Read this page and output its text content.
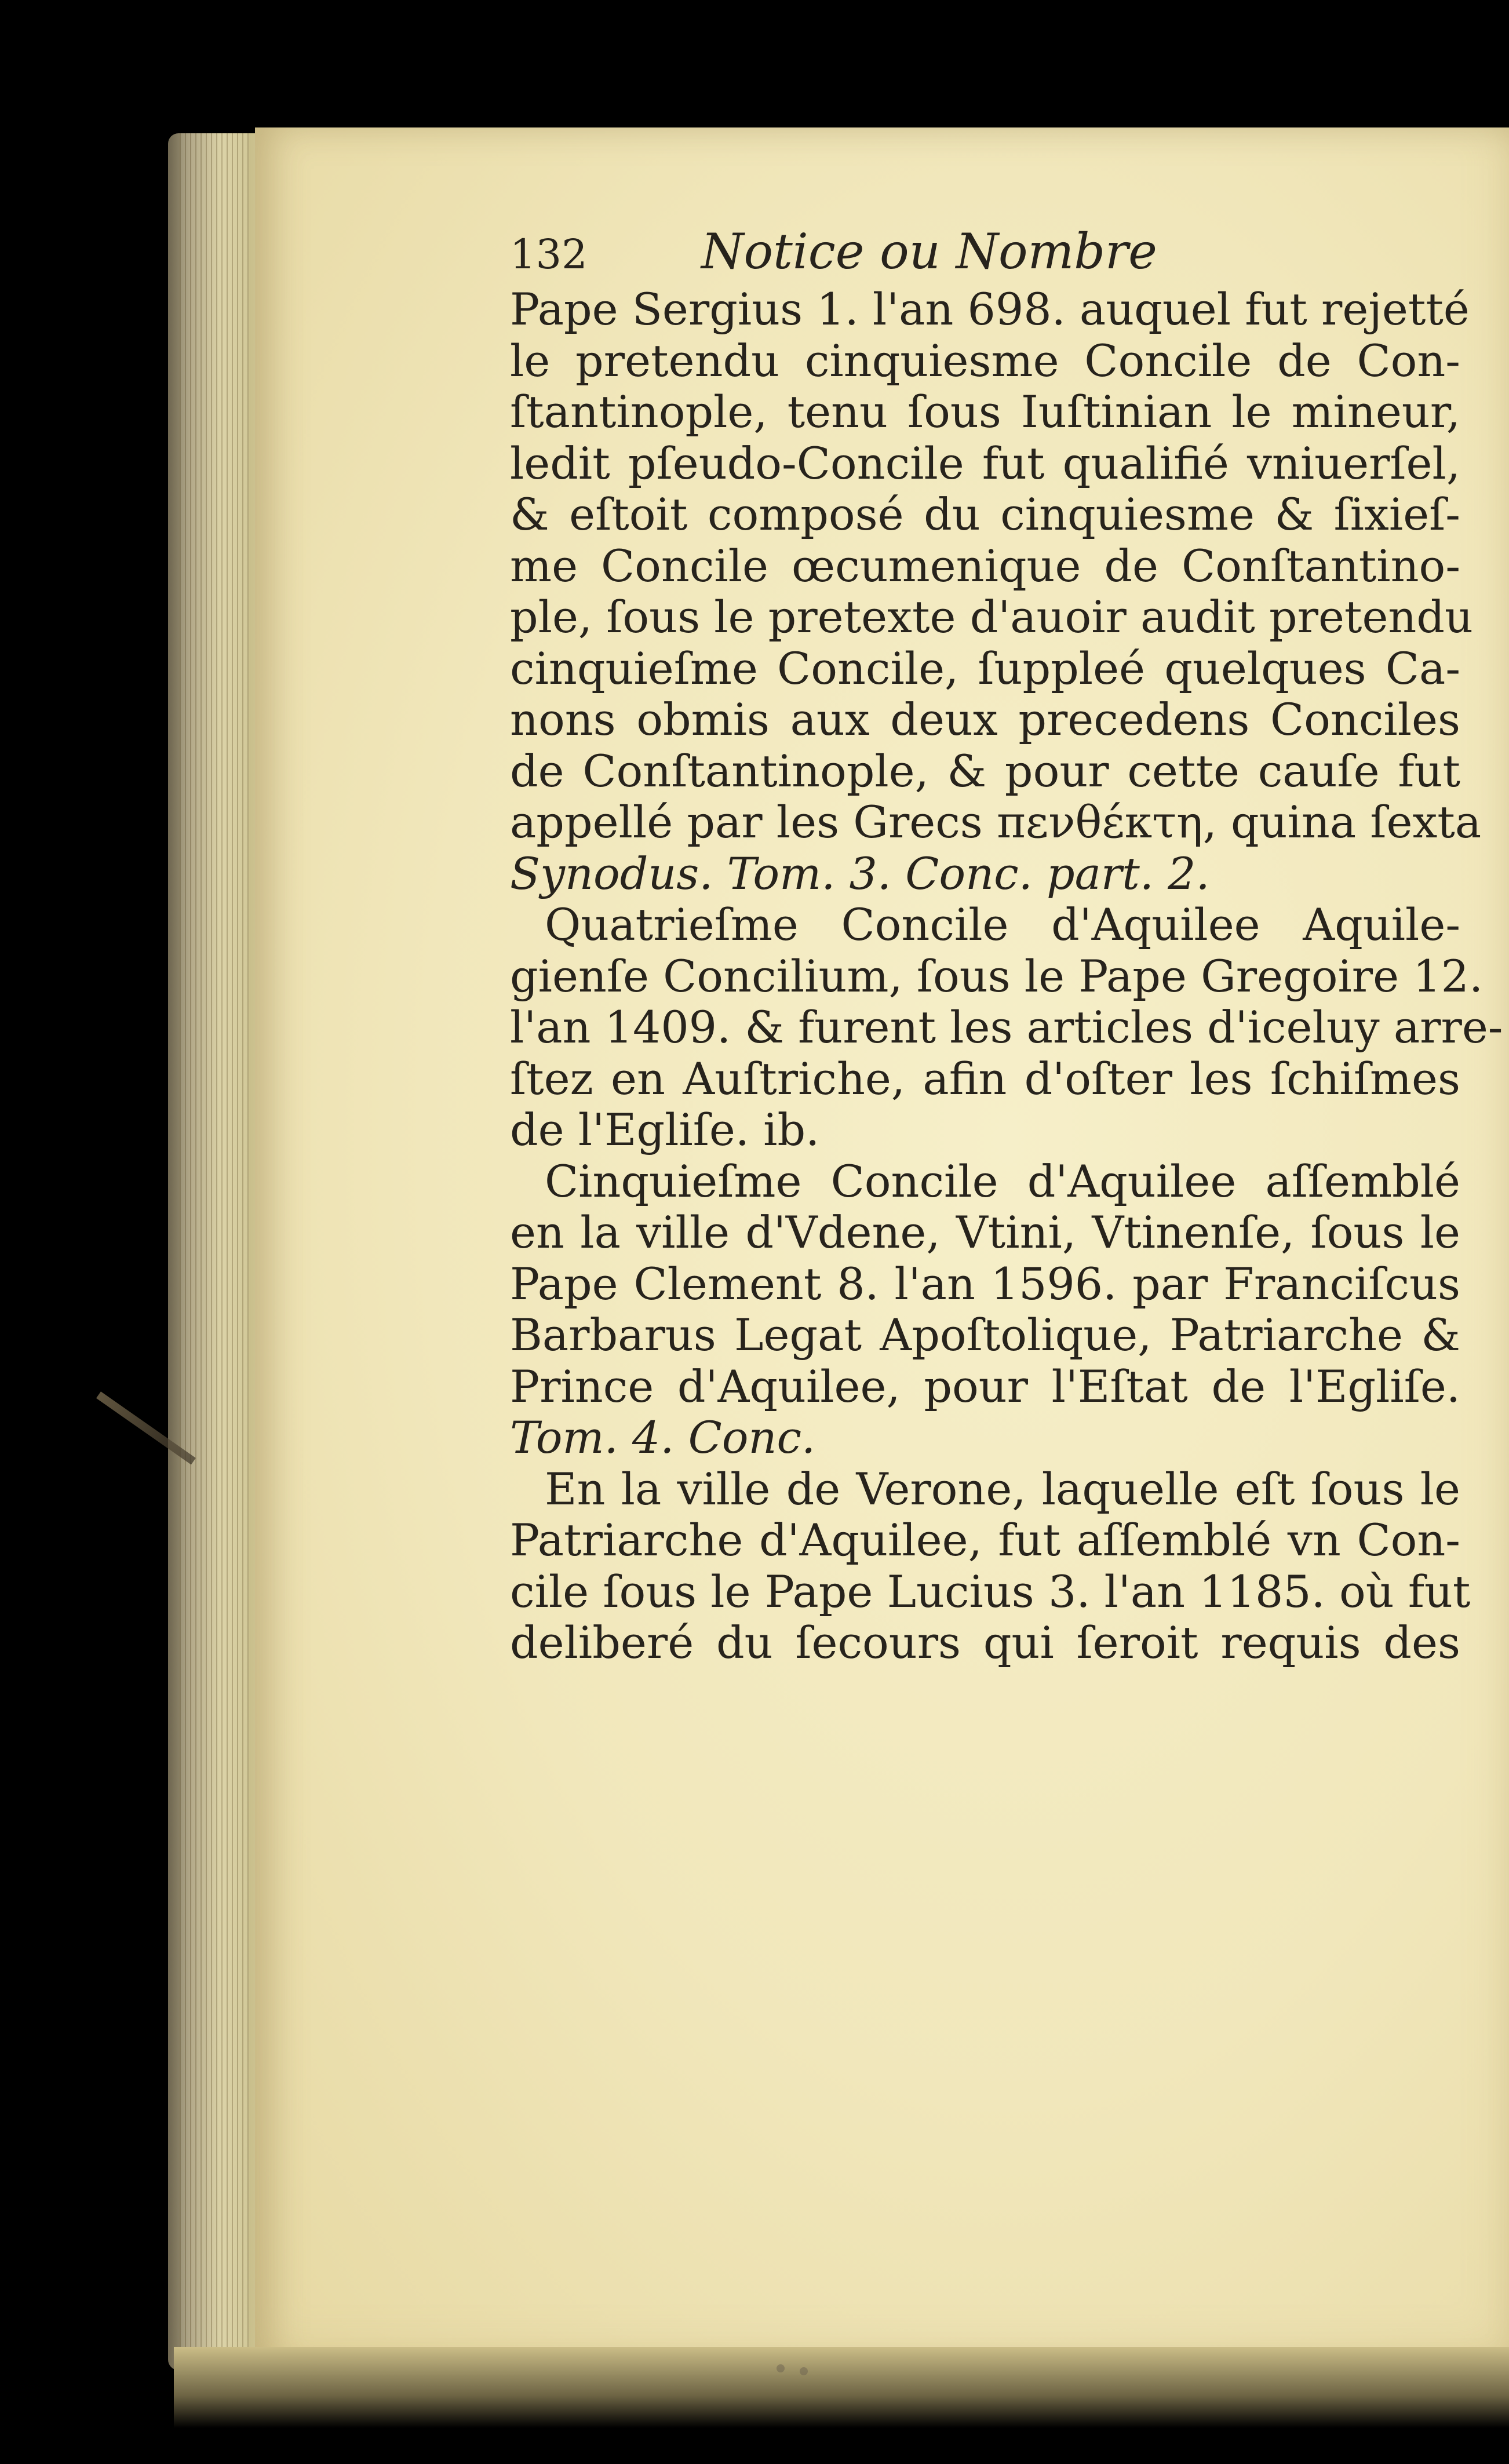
132	Notice ou Nombre
Pape Sergius 1. l'an 698. auquel fut rejetté
le pretendu cinquiesme Concile de Con-
ſtantinople, tenu ſous Iuſtinian le mineur,
ledit pſeudo-Concile fut qualifié vniuerſel,
& eſtoit composé du cinquiesme & ſixieſ-
me Concile œcumenique de Conſtantino-
ple, ſous le pretexte d'auoir audit pretendu
cinquieſme Concile, ſuppleé quelques Ca-
nons obmis aux deux precedens Conciles
de Conſtantinople, & pour cette cauſe fut
appellé par les Grecs πενθέκτη, quina ſexta
Synodus. Tom. 3. Conc. part. 2.
Quatrieſme Concile d'Aquilee Aquile-
gienſe Concilium, ſous le Pape Gregoire 12.
l'an 1409. & furent les articles d'iceluy arre-
ſtez en Auſtriche, afin d'oſter les ſchiſmes
de l'Egliſe. ib.
Cinquieſme Concile d'Aquilee aſſemblé
en la ville d'Vdene, Vtini, Vtinenſe, ſous le
Pape Clement 8. l'an 1596. par Franciſcus
Barbarus Legat Apoſtolique, Patriarche &
Prince d'Aquilee, pour l'Eſtat de l'Egliſe.
Tom. 4. Conc.
En la ville de Verone, laquelle eſt ſous le
Patriarche d'Aquilee, fut aſſemblé vn Con-
cile ſous le Pape Lucius 3. l'an 1185. où fut
deliberé du ſecours qui ſeroit requis des
